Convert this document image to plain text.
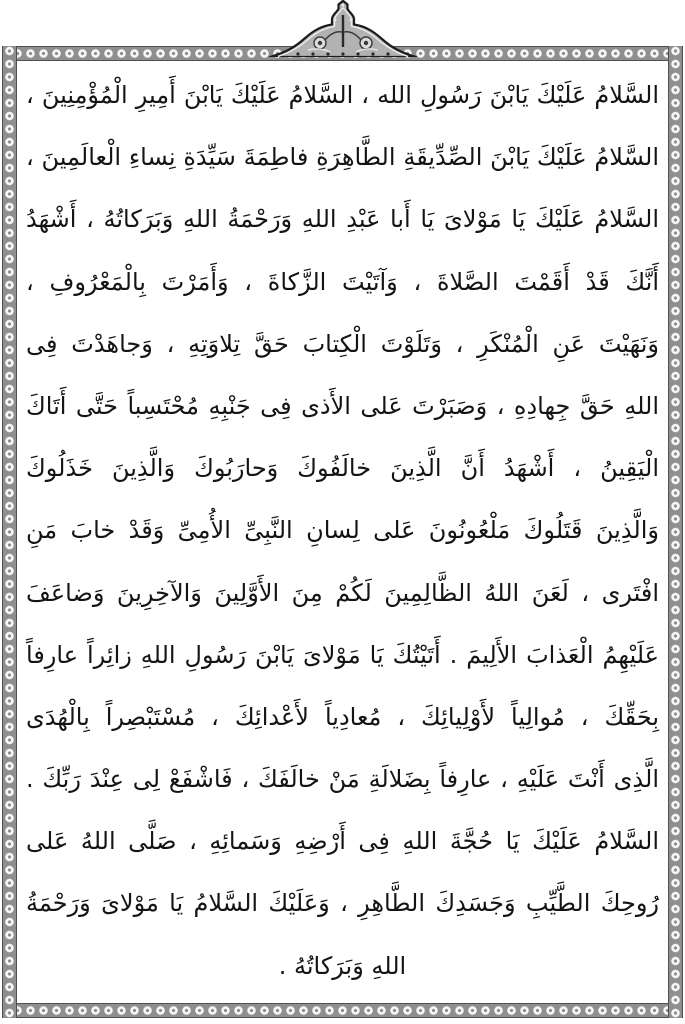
السَّلامُ عَلَيْكَ يَابْنَ رَسُولِ الله ، السَّلامُ عَلَيْكَ يَابْنَ أَمِيرِ الْمُؤْمِنِينَ ،
السَّلامُ عَلَيْكَ يَابْنَ الصِّدِّيقَةِ الطَّاهِرَةِ فاطِمَةَ سَيِّدَةِ نِساءِ الْعالَمِينَ ،
السَّلامُ عَلَيْكَ يَا مَوْلاىَ يَا أَبا عَبْدِ اللهِ وَرَحْمَةُ اللهِ وَبَرَكاتُهُ ، أَشْهَدُ
أَنَّكَ قَدْ أَقَمْتَ الصَّلاةَ ، وَآتَيْتَ الزَّكاةَ ، وَأَمَرْتَ بِالْمَعْرُوفِ ،
وَنَهَيْتَ عَنِ الْمُنْكَرِ ، وَتَلَوْتَ الْكِتابَ حَقَّ تِلاوَتِهِ ، وَجاهَدْتَ فِى
اللهِ حَقَّ جِهادِهِ ، وَصَبَرْتَ عَلى الأَذى فِى جَنْبِهِ مُحْتَسِباً حَتَّى أَتَاكَ
الْيَقِينُ ، أَشْهَدُ أَنَّ الَّذِينَ خالَفُوكَ وَحارَبُوكَ وَالَّذِينَ خَذَلُوكَ
وَالَّذِينَ قَتَلُوكَ مَلْعُونُونَ عَلى لِسانِ النَّبِىِّ الأُمِىِّ وَقَدْ خابَ مَنِ
افْتَرى ، لَعَنَ اللهُ الظَّالِمِينَ لَكُمْ مِنَ الأَوَّلِينَ وَالآخِرِينَ وَضاعَفَ
عَلَيْهِمُ الْعَذابَ الأَلِيمَ . أَتَيْتُكَ يَا مَوْلاىَ يَابْنَ رَسُولِ اللهِ زائِراً عارِفاً
بِحَقِّكَ ، مُوالِياً لأَوْلِيائِكَ ، مُعادِياً لأَعْدائِكَ ، مُسْتَبْصِراً بِالْهُدَى
الَّذِى أَنْتَ عَلَيْهِ ، عارِفاً بِضَلالَةِ مَنْ خالَفَكَ ، فَاشْفَعْ لِى عِنْدَ رَبِّكَ .
السَّلامُ عَلَيْكَ يَا حُجَّةَ اللهِ فِى أَرْضِهِ وَسَمائِهِ ، صَلَّى اللهُ عَلى
رُوحِكَ الطَّيِّبِ وَجَسَدِكَ الطَّاهِرِ ، وَعَلَيْكَ السَّلامُ يَا مَوْلاىَ وَرَحْمَةُ
اللهِ وَبَرَكاتُهُ .
